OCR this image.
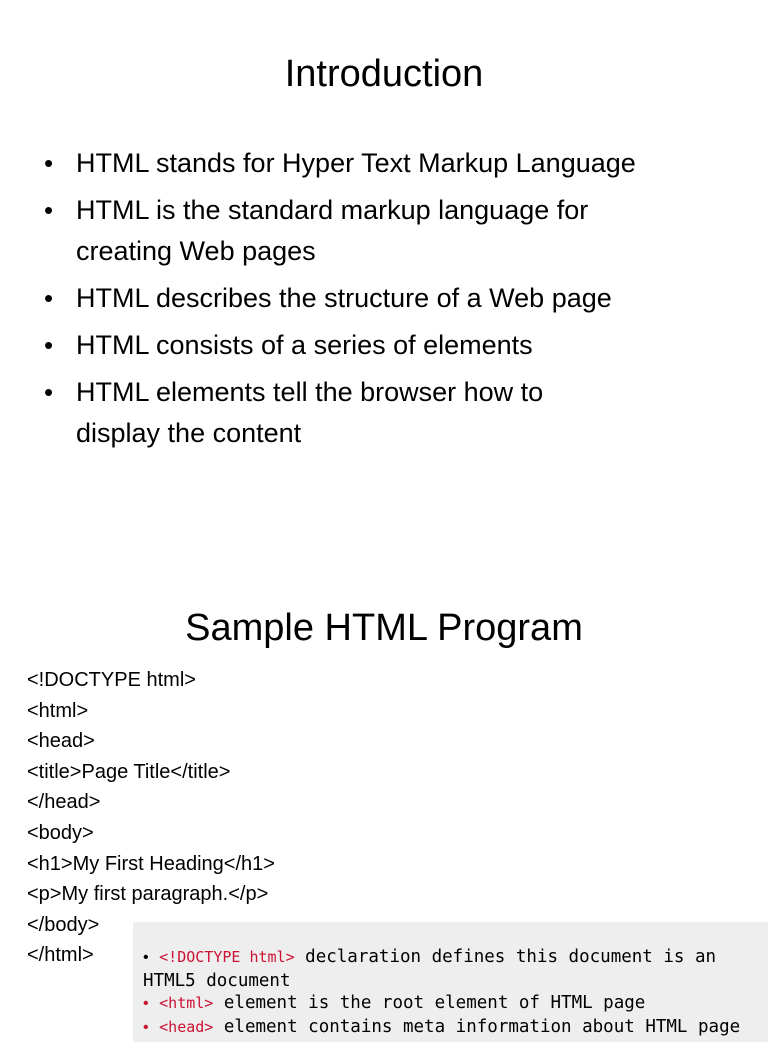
Introduction
• HTML stands for Hyper Text Markup Language
• HTML is the standard markup language for
creating Web pages
• HTML describes the structure of a Web page
• HTML consists of a series of elements
• HTML elements tell the browser how to
display the content
Sample HTML Program
<!DOCTYPE html>
<html>
<head>
<title>Page Title</title>
</head>
<body>
<h1>My First Heading</h1>
<p>My first paragraph.</p>
</body>
</html>	• <!DOCTYPE html> declaration defines this document is an
HTML5 document
• <html> element is the root element of HTML page
• <head> element contains meta information about HTML page
